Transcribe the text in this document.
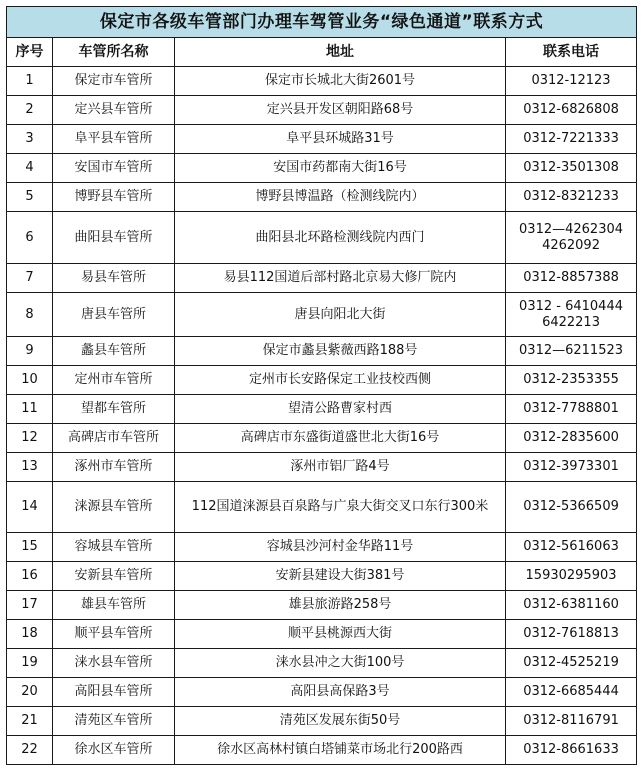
保定市各级车管部门办理车驾管业务“绿色通道”联系方式			
序号	车管所名称	地址	联系电话
1	保定市车管所	保定市长城北大街2601号	0312-12123
2	定兴县车管所	定兴县开发区朝阳路68号	0312-6826808
3	阜平县车管所	阜平县环城路31号	0312-7221333
4	安国市车管所	安国市药都南大街16号	0312-3501308
5	博野县车管所	博野县博温路（检测线院内）	0312-8321233
6	曲阳县车管所	曲阳县北环路检测线院内西门	0312—4262304 4262092
7	易县车管所	易县112国道后部村路北京易大修厂院内	0312-8857388
8	唐县车管所	唐县向阳北大街	0312 - 6410444 6422213
9	蠡县车管所	保定市蠡县紫薇西路188号	0312—6211523
10	定州市车管所	定州市长安路保定工业技校西侧	0312-2353355
11	望都车管所	望清公路曹家村西	0312-7788801
12	高碑店市车管所	高碑店市东盛街道盛世北大街16号	0312-2835600
13	涿州市车管所	涿州市铝厂路4号	0312-3973301
14	涞源县车管所	112国道涞源县百泉路与广泉大街交叉口东行300米	0312-5366509
15	容城县车管所	容城县沙河村金华路11号	0312-5616063
16	安新县车管所	安新县建设大街381号	15930295903
17	雄县车管所	雄县旅游路258号	0312-6381160
18	顺平县车管所	顺平县桃源西大街	0312-7618813
19	涞水县车管所	涞水县冲之大街100号	0312-4525219
20	高阳县车管所	高阳县高保路3号	0312-6685444
21	清苑区车管所	清苑区发展东街50号	0312-8116791
22	徐水区车管所	徐水区高林村镇白塔铺菜市场北行200路西	0312-8661633
